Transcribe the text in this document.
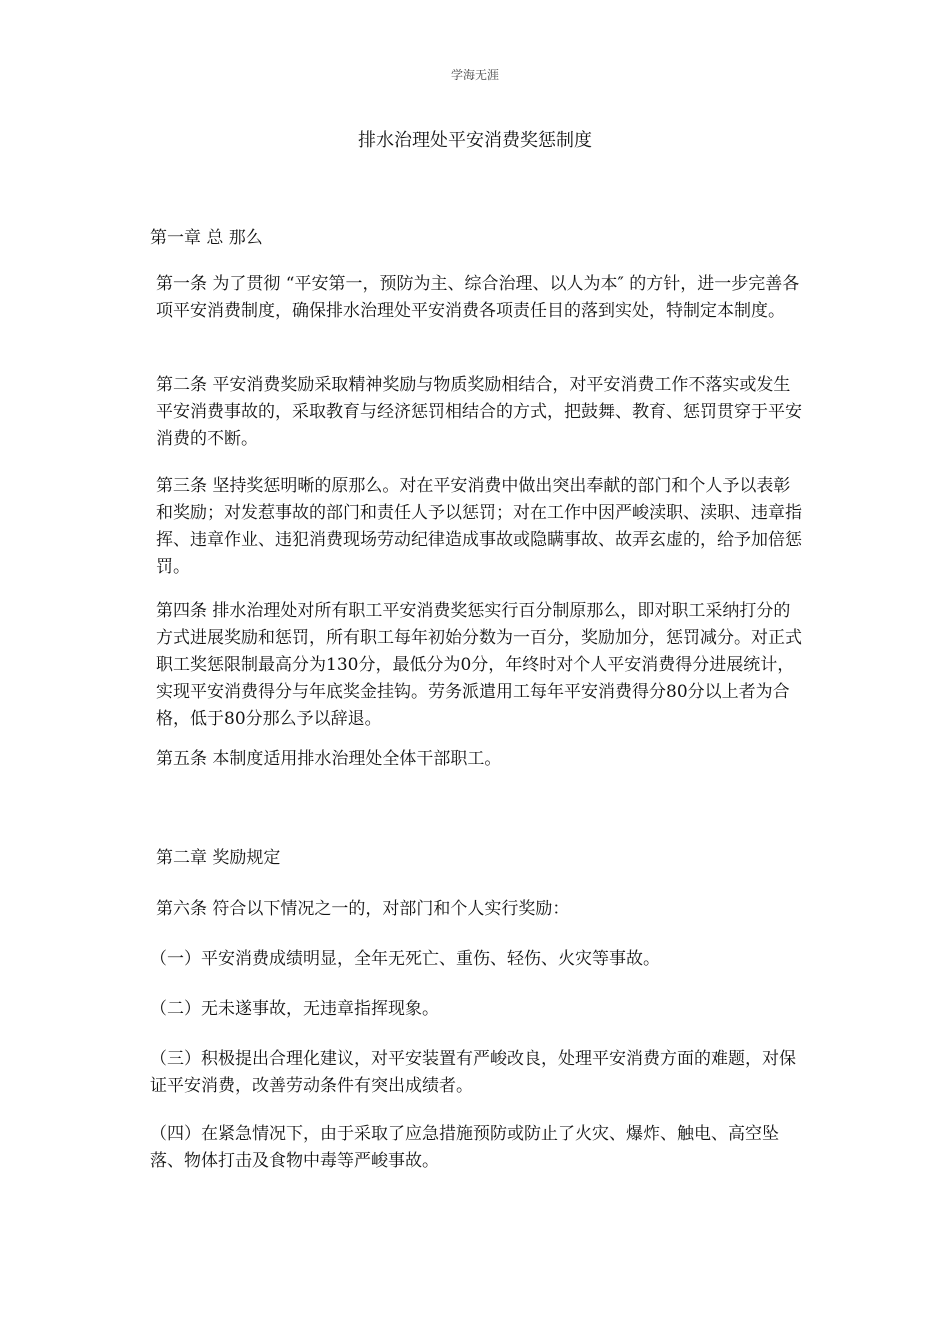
学海无涯
排水治理处平安消费奖惩制度
第一章 总 那么
第一条 为了贯彻 “平安第一，预防为主、综合治理、以人为本″ 的方针，进一步完善各项平安消费制度，确保排水治理处平安消费各项责任目的落到实处，特制定本制度。
第二条 平安消费奖励采取精神奖励与物质奖励相结合，对平安消费工作不落实或发生平安消费事故的，采取教育与经济惩罚相结合的方式，把鼓舞、教育、惩罚贯穿于平安消费的不断。
第三条 坚持奖惩明晰的原那么。对在平安消费中做出突出奉献的部门和个人予以表彰和奖励；对发惹事故的部门和责任人予以惩罚；对在工作中因严峻渎职、渎职、违章指挥、违章作业、违犯消费现场劳动纪律造成事故或隐瞒事故、故弄玄虚的，给予加倍惩罚。
第四条 排水治理处对所有职工平安消费奖惩实行百分制原那么，即对职工采纳打分的方式进展奖励和惩罚，所有职工每年初始分数为一百分，奖励加分，惩罚减分。对正式职工奖惩限制最高分为130分，最低分为0分，年终时对个人平安消费得分进展统计，实现平安消费得分与年底奖金挂钩。劳务派遣用工每年平安消费得分80分以上者为合格，低于80分那么予以辞退。
第五条 本制度适用排水治理处全体干部职工。
第二章 奖励规定
第六条 符合以下情况之一的，对部门和个人实行奖励：
（一）平安消费成绩明显，全年无死亡、重伤、轻伤、火灾等事故。
（二）无未遂事故，无违章指挥现象。
（三）积极提出合理化建议，对平安装置有严峻改良，处理平安消费方面的难题，对保证平安消费，改善劳动条件有突出成绩者。
（四）在紧急情况下，由于采取了应急措施预防或防止了火灾、爆炸、触电、高空坠落、物体打击及食物中毒等严峻事故。
